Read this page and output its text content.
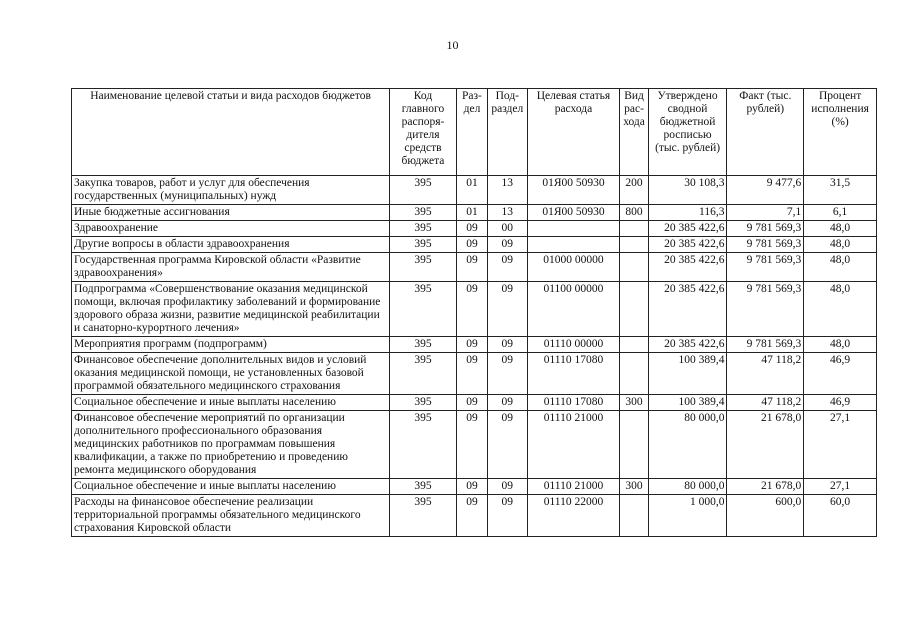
10
Наименование целевой статьи и вида расходов бюджетов	Код главного распоря- дителя средств бюджета	Раз- дел	Под- раздел	Целевая статья расхода	Вид рас- хода	Утверждено сводной бюджетной росписью (тыс. рублей)	Факт (тыс. рублей)	Процент исполнения (%)
Закупка товаров, работ и услуг для обеспечения государственных (муниципальных) нужд	395	01	13	01Я00 50930	200	30 108,3	9 477,6	31,5
Иные бюджетные ассигнования	395	01	13	01Я00 50930	800	116,3	7,1	6,1
Здравоохранение	395	09	00			20 385 422,6	9 781 569,3	48,0
Другие вопросы в области здравоохранения	395	09	09			20 385 422,6	9 781 569,3	48,0
Государственная программа Кировской области «Развитие здравоохранения»	395	09	09	01000 00000		20 385 422,6	9 781 569,3	48,0
Подпрограмма «Совершенствование оказания медицинской помощи, включая профилактику заболеваний и формирование здорового образа жизни, развитие медицинской реабилитации и санаторно-курортного лечения»	395	09	09	01100 00000		20 385 422,6	9 781 569,3	48,0
Мероприятия программ (подпрограмм)	395	09	09	01110 00000		20 385 422,6	9 781 569,3	48,0
Финансовое обеспечение дополнительных видов и условий оказания медицинской помощи, не установленных базовой программой обязательного медицинского страхования	395	09	09	01110 17080		100 389,4	47 118,2	46,9
Социальное обеспечение и иные выплаты населению	395	09	09	01110 17080	300	100 389,4	47 118,2	46,9
Финансовое обеспечение мероприятий по организации дополнительного профессионального образования медицинских работников по программам повышения квалификации, а также по приобретению и проведению ремонта медицинского оборудования	395	09	09	01110 21000		80 000,0	21 678,0	27,1
Социальное обеспечение и иные выплаты населению	395	09	09	01110 21000	300	80 000,0	21 678,0	27,1
Расходы на финансовое обеспечение реализации территориальной программы обязательного медицинского страхования Кировской области	395	09	09	01110 22000		1 000,0	600,0	60,0
